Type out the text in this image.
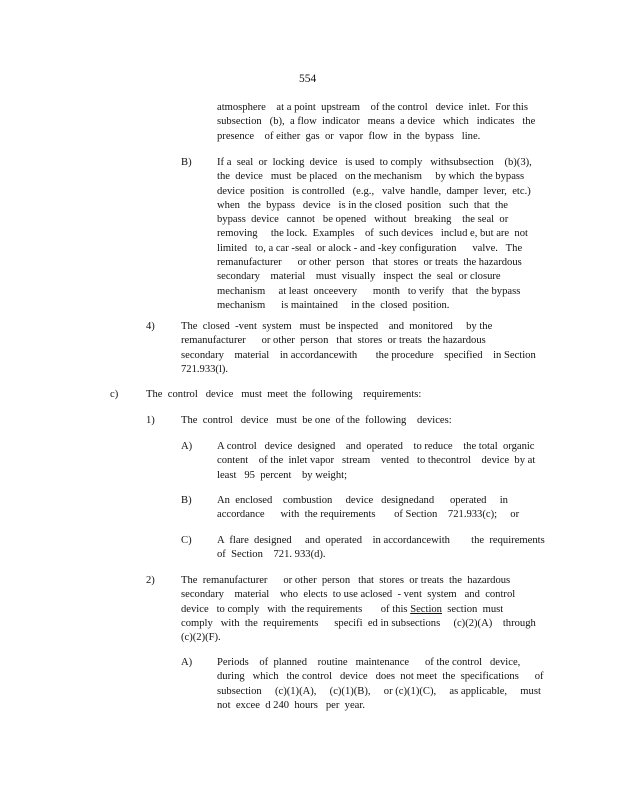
554
atmosphere    at a point  upstream    of the control   device  inlet.  For this
subsection   (b),  a flow  indicator   means  a device   which   indicates   the
presence    of either  gas  or  vapor  flow  in  the  bypass   line.
B) If a  seal  or  locking  device   is used  to comply   withsubsection    (b)(3),
the  device   must  be placed   on the mechanism     by which  the bypass
device  position   is controlled   (e.g.,   valve  handle,  damper  lever,  etc.)
when   the  bypass   device   is in the closed  position   such  that  the
bypass  device   cannot   be opened   without   breaking    the seal  or
removing     the lock.  Examples    of  such devices   includ e, but are  not
limited   to, a car -seal  or alock - and -key configuration      valve.   The
remanufacturer      or other  person   that  stores  or treats  the hazardous
secondary    material    must  visually   inspect  the  seal  or closure
mechanism     at least  onceevery      month   to verify   that   the bypass
mechanism      is maintained     in the  closed  position.
4) The  closed  -vent  system   must  be inspected    and  monitored     by the
remanufacturer      or other  person   that  stores  or treats  the hazardous
secondary    material    in accordancewith       the procedure    specified    in Section
721.933(l).
c)	The  control   device   must  meet  the  following    requirements:
1) The  control   device   must  be one  of the  following    devices:
A) A control   device  designed    and  operated    to reduce    the total  organic
content    of the  inlet vapor   stream    vented   to thecontrol    device  by at
least   95  percent    by weight;
B) An  enclosed    combustion     device   designedand      operated     in
accordance      with  the requirements       of Section    721.933(c);     or
C) A  flare  designed     and  operated    in accordancewith        the  requirements
of  Section    721. 933(d).
2) The  remanufacturer      or other  person   that  stores  or treats  the  hazardous
secondary    material    who  elects  to use aclosed  - vent  system   and  control
device   to comply   with  the requirements       of this Section  section  must
comply   with  the  requirements      specifi  ed in subsections     (c)(2)(A)    through
(c)(2)(F).
A) Periods    of  planned    routine   maintenance      of the control   device,
during   which   the control   device   does  not meet  the  specifications      of
subsection     (c)(1)(A),     (c)(1)(B),     or (c)(1)(C),     as applicable,     must
not  excee  d 240  hours   per  year.
